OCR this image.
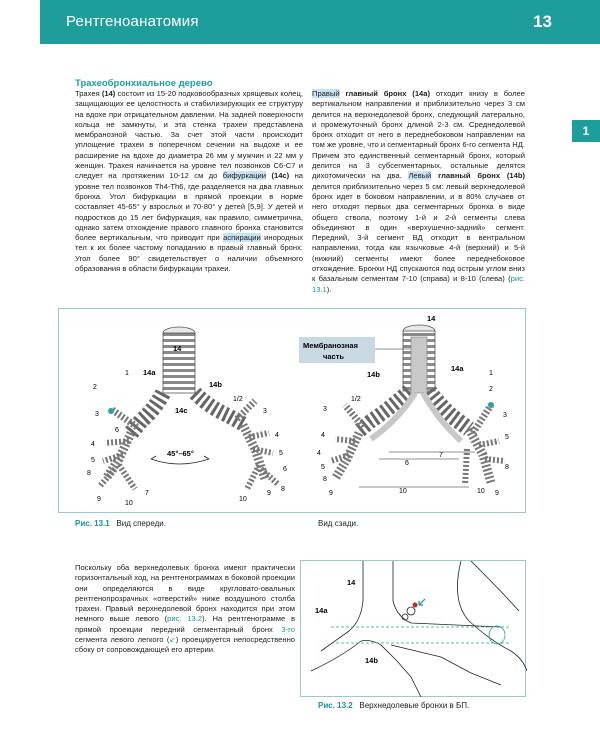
Рентгеноанатомия	13
1
Трахеобронхиальное дерево
Трахея (14) состоит из 15-20 подковообразных хрящевых колец, защищающих ее целостность и стабилизирующих ее структуру на вдохе при отрицательном давлении. На задней поверхности кольца не замкнуты, и эта стенка трахеи представлена мембранозной частью. За счет этой части происходит уплощение трахеи в поперечном сечении на выдохе и ее расширение на вдохе до диаметра 26 мм у мужчин и 22 мм у женщин. Трахея начинается на уровне тел позвонков С6-С7 и следует на протяжении 10-12 см до бифуркации (14c) на уровне тел позвонков Th4-Th6, где разделяется на два главных бронха. Угол бифуркации в прямой проекции в норме составляет 45-65° у взрослых и 70-80° у детей [5,9]. У детей и подростков до 15 лет бифуркация, как правило, симметрична, однако затем отхождение правого главного бронха становится более вертикальным, что приводит при аспирации инородных тел к их более частому попаданию в правый главный бронх. Угол более 90° свидетельствует о наличии объемного образования в области бифуркации трахеи.
Правый главный бронх (14a) отходит книзу в более вертикальном направлении и приблизительно через 3 см делится на верхнедолевой бронх, следующий латерально, и промежуточный бронх длиной 2-3 см. Среднедолевой бронх отходит от него в переднебоковом направлении на том же уровне, что и сегментарный бронх 6-го сегмента НД. Причем это единственный сегментарный бронх, который делится на 3 субсегментарных, остальные делятся дихотомически на два. Левый главный бронх (14b) делится приблизительно через 5 см: левый верхнедолевой бронх идет в боковом направлении, и в 80% случаев от него отходят первых два сегментарных бронха в виде общего ствола, поэтому 1-й и 2-й сегменты слева объединяют в один «верхушечно-задний» сегмент. Передний, 3-й сегмент ВД отходит в вентральном направлении, тогда как язычковые 4-й (верхний) и 5-й (нижний) сегменты имеют более переднебоковое отхождение. Бронхи НД спускаются под острым углом вниз к базальным сегментам 7-10 (справа) и 8-10 (слева) (рис. 13.1).
14
14a
14b
14c
45°–65°
1
2
3
4
5
6
7
8
9
10
1/2
3
4
5
6
8
9
10
Мембранозная
часть
14
14b
14a
1/2
1
2
3
3
4	5
6
7
8
9	9
10
4
5
8
10
Рис. 13.1 Вид спереди.	Вид сзади.
Поскольку оба верхнедолевых бронха имеют практически горизонтальный ход, на рентгенограммах в боковой проекции они определяются в виде кругловато-овальных рентгенопрозрачных «отверстий» ниже воздушного столба трахеи. Правый верхнедолевой бронх находится при этом немного выше левого (рис. 13.2). На рентгенограмме в прямой проекции передний сегментарный бронх 3-го сегмента левого легкого (↙) проецируется непосредственно сбоку от сопровождающей его артерии.
14
14a
14b
Рис. 13.2 Верхнедолевые бронхи в БП.
